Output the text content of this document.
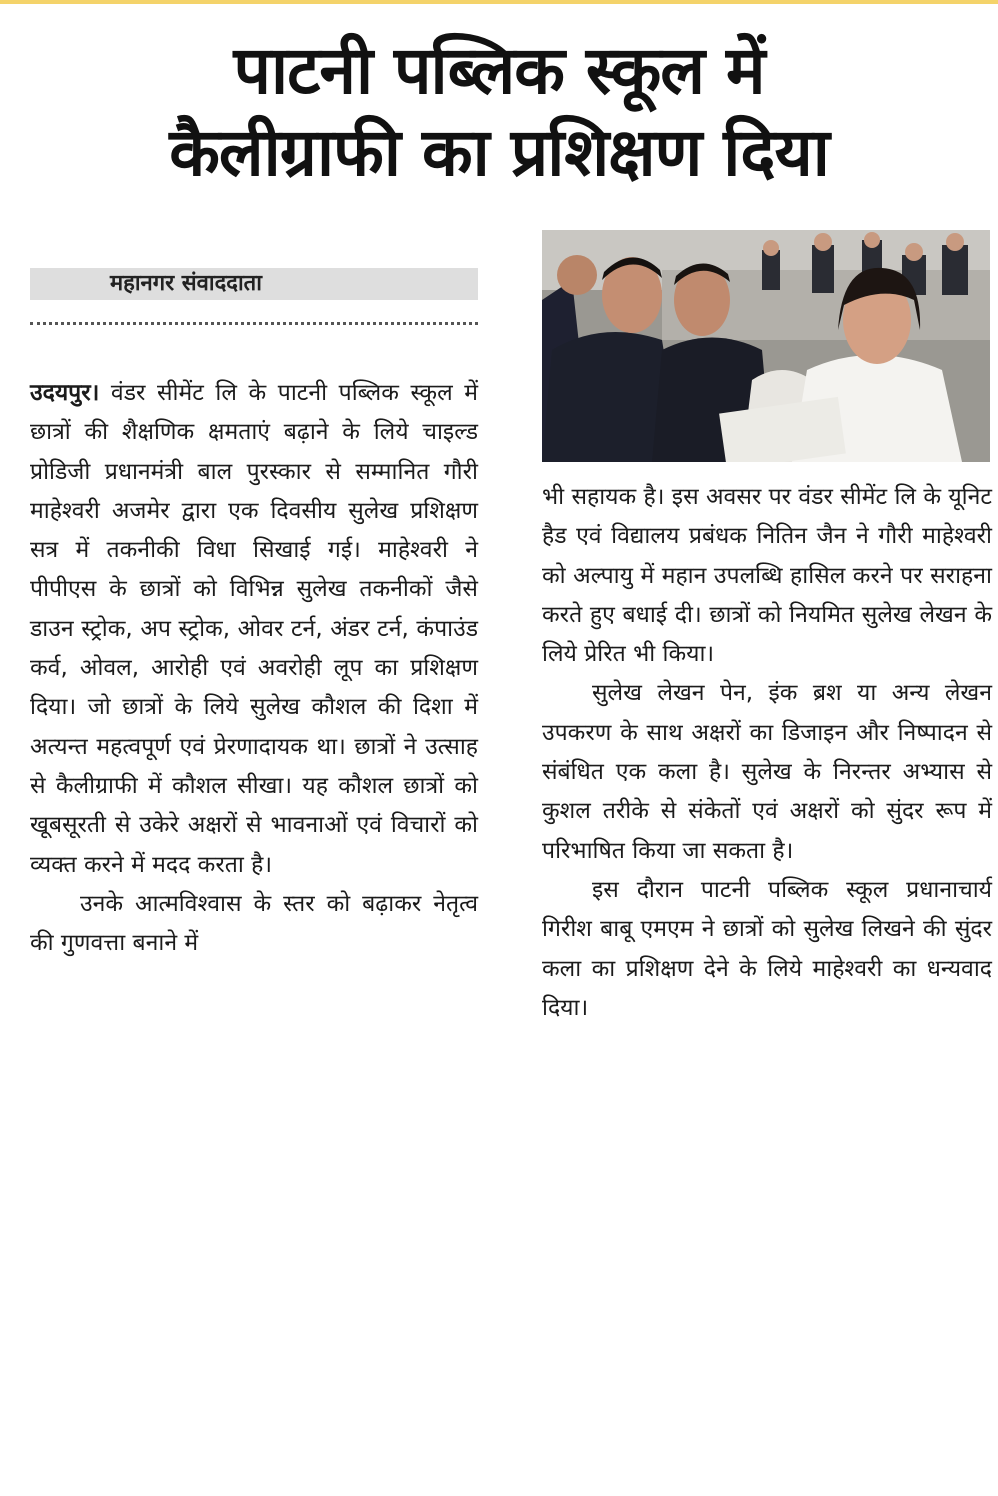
पाटनी पब्लिक स्कूल में
कैलीग्राफी का प्रशिक्षण दिया
महानगर संवाददाता

उदयपुर। वंडर सीमेंट लि के पाटनी पब्लिक स्कूल में छात्रों की शैक्षणिक क्षमताएं बढ़ाने के लिये चाइल्ड प्रोडिजी प्रधानमंत्री बाल पुरस्कार से सम्मानित गौरी माहेश्वरी अजमेर द्वारा एक दिवसीय सुलेख प्रशिक्षण सत्र में तकनीकी विधा सिखाई गई। माहेश्वरी ने पीपीएस के छात्रों को विभिन्न सुलेख तकनीकों जैसे डाउन स्ट्रोक, अप स्ट्रोक, ओवर टर्न, अंडर टर्न, कंपाउंड कर्व, ओवल, आरोही एवं अवरोही लूप का प्रशिक्षण दिया। जो छात्रों के लिये सुलेख कौशल की दिशा में अत्यन्त महत्वपूर्ण एवं प्रेरणादायक था। छात्रों ने उत्साह से कैलीग्राफी में कौशल सीखा। यह कौशल छात्रों को खूबसूरती से उकेरे अक्षरों से भावनाओं एवं विचारों को व्यक्त करने में मदद करता है।

उनके आत्मविश्वास के स्तर को बढ़ाकर नेतृत्व की गुणवत्ता बनाने में

भी सहायक है। इस अवसर पर वंडर सीमेंट लि के यूनिट हैड एवं विद्यालय प्रबंधक नितिन जैन ने गौरी माहेश्वरी को अल्पायु में महान उपलब्धि हासिल करने पर सराहना करते हुए बधाई दी। छात्रों को नियमित सुलेख लेखन के लिये प्रेरित भी किया।

सुलेख लेखन पेन, इंक ब्रश या अन्य लेखन उपकरण के साथ अक्षरों का डिजाइन और निष्पादन से संबंधित एक कला है। सुलेख के निरन्तर अभ्यास से कुशल तरीके से संकेतों एवं अक्षरों को सुंदर रूप में परिभाषित किया जा सकता है।

इस दौरान पाटनी पब्लिक स्कूल प्रधानाचार्य गिरीश बाबू एमएम ने छात्रों को सुलेख लिखने की सुंदर कला का प्रशिक्षण देने के लिये माहेश्वरी का धन्यवाद दिया।
